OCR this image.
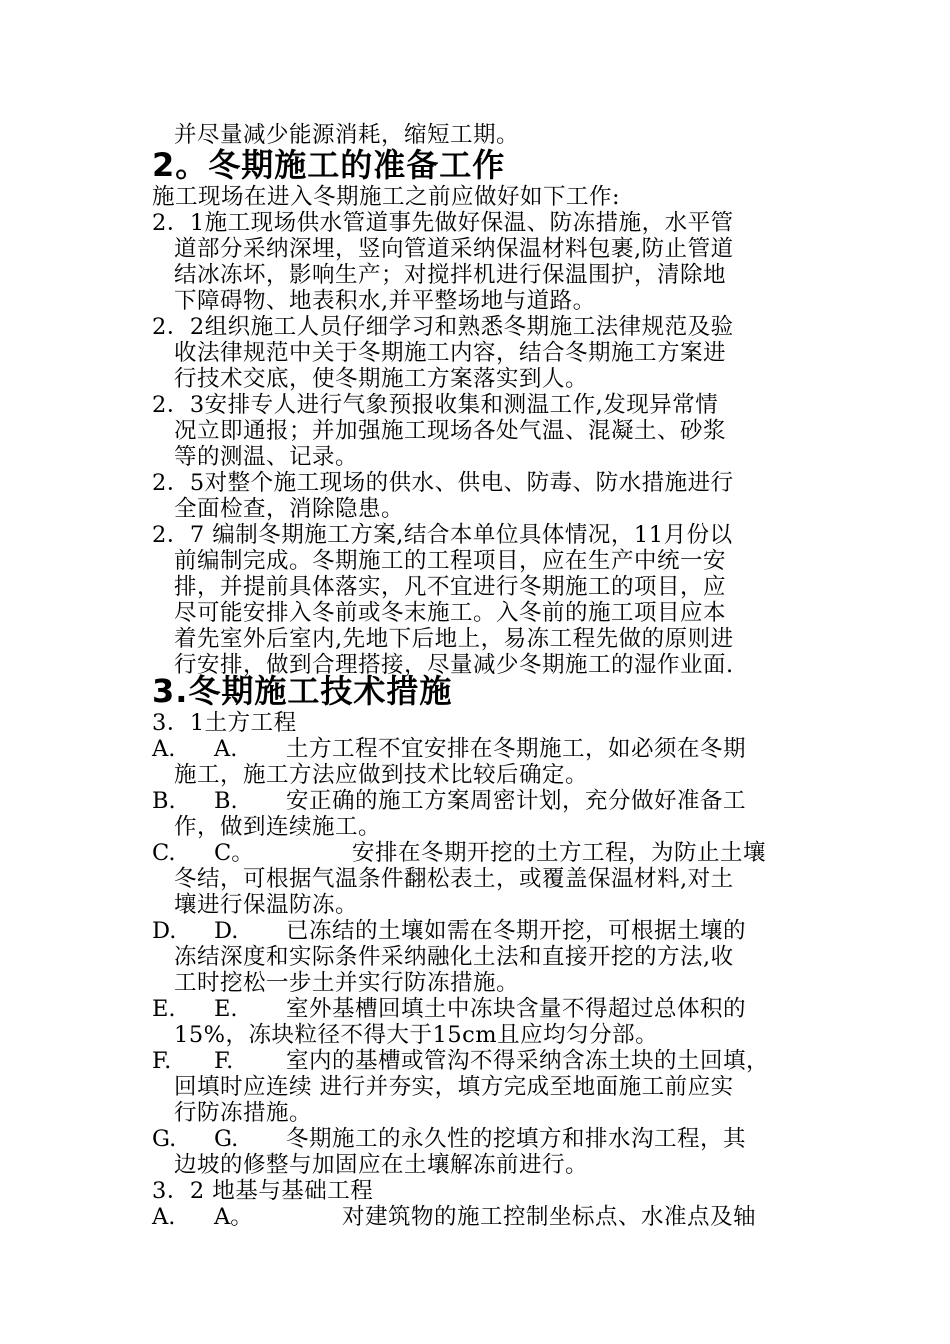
并尽量减少能源消耗，缩短工期。
2。冬期施工的准备工作
施工现场在进入冬期施工之前应做好如下工作:
2．1施工现场供水管道事先做好保温、防冻措施，水平管
道部分采纳深埋，竖向管道采纳保温材料包裹,防止管道
结冰冻坏，影响生产；对搅拌机进行保温围护，清除地
下障碍物、地表积水,并平整场地与道路。
2．2组织施工人员仔细学习和熟悉冬期施工法律规范及验
收法律规范中关于冬期施工内容，结合冬期施工方案进
行技术交底，使冬期施工方案落实到人。
2．3安排专人进行气象预报收集和测温工作,发现异常情
况立即通报；并加强施工现场各处气温、混凝土、砂浆
等的测温、记录。
2．5对整个施工现场的供水、供电、防毒、防水措施进行
全面检查，消除隐患。
2．7 编制冬期施工方案,结合本单位具体情况，11月份以
前编制完成。冬期施工的工程项目，应在生产中统一安
排，并提前具体落实，凡不宜进行冬期施工的项目，应
尽可能安排入冬前或冬末施工。入冬前的施工项目应本
着先室外后室内,先地下后地上，易冻工程先做的原则进
行安排，做到合理搭接，尽量减少冬期施工的湿作业面.
3.冬期施工技术措施
3．1土方工程
A. A. 土方工程不宜安排在冬期施工，如必须在冬期
施工，施工方法应做到技术比较后确定。
B. B. 安正确的施工方案周密计划，充分做好准备工
作，做到连续施工。
C. C。	安排在冬期开挖的土方工程，为防止土壤
冬结，可根据气温条件翻松表土，或覆盖保温材料,对土
壤进行保温防冻。
D. D. 已冻结的土壤如需在冬期开挖，可根据土壤的
冻结深度和实际条件采纳融化土法和直接开挖的方法,收
工时挖松一步土并实行防冻措施。
E. E. 室外基槽回填土中冻块含量不得超过总体积的
15%，冻块粒径不得大于15cm且应均匀分部。
F. F. 室内的基槽或管沟不得采纳含冻土块的土回填，
回填时应连续 进行并夯实，填方完成至地面施工前应实
行防冻措施。
G. G. 冬期施工的永久性的挖填方和排水沟工程，其
边坡的修整与加固应在土壤解冻前进行。
3．2 地基与基础工程
A. A。	对建筑物的施工控制坐标点、水准点及轴
